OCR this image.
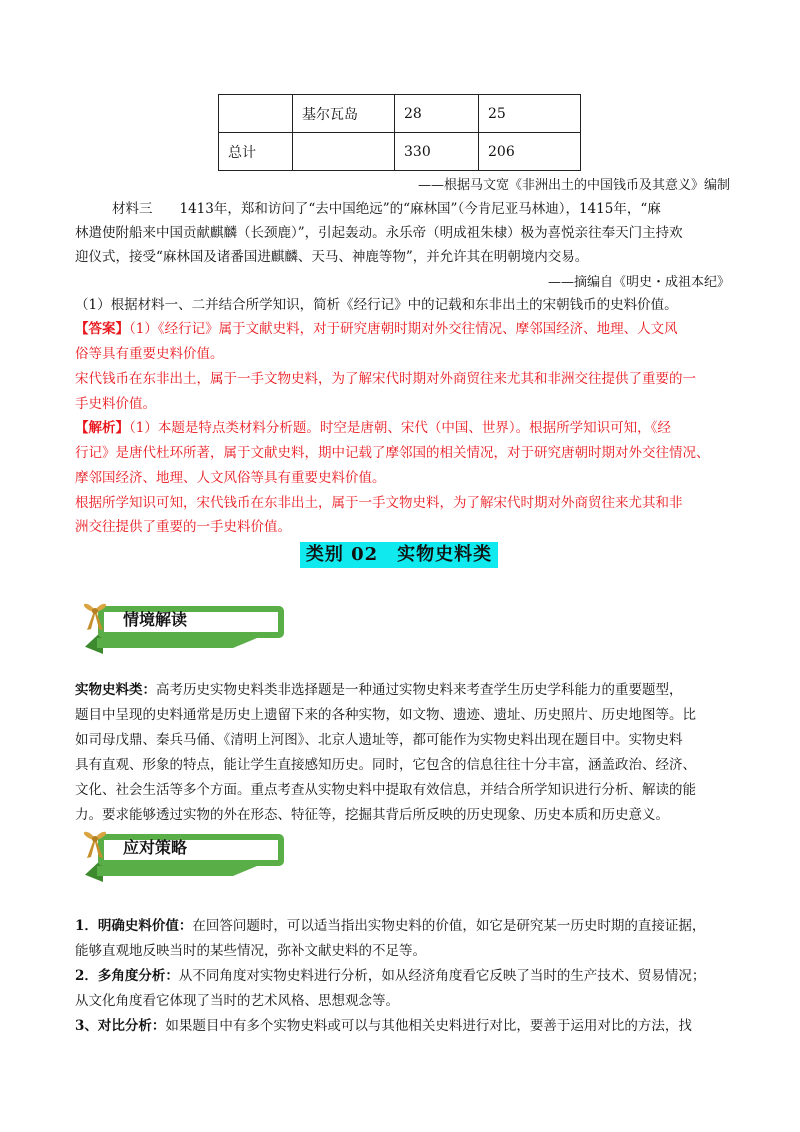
	基尔瓦岛	28	25
总计		330	206
——根据马文宽《非洲出土的中国钱币及其意义》编制
材料三　　1413年，郑和访问了“去中国绝远”的“麻林国”（今肯尼亚马林迪），1415年，“麻
林遣使附船来中国贡献麒麟（长颈鹿）”，引起轰动。永乐帝（明成祖朱棣）极为喜悦亲往奉天门主持欢
迎仪式，接受“麻林国及诸番国进麒麟、天马、神鹿等物”，并允许其在明朝境内交易。
——摘编自《明史・成祖本纪》
（1）根据材料一、二并结合所学知识，简析《经行记》中的记载和东非出土的宋朝钱币的史料价值。
【答案】（1）《经行记》属于文献史料，对于研究唐朝时期对外交往情况、摩邻国经济、地理、人文风
俗等具有重要史料价值。
宋代钱币在东非出土，属于一手文物史料，为了解宋代时期对外商贸往来尤其和非洲交往提供了重要的一
手史料价值。
【解析】（1）本题是特点类材料分析题。时空是唐朝、宋代（中国、世界）。根据所学知识可知，《经
行记》是唐代杜环所著，属于文献史料，期中记载了摩邻国的相关情况，对于研究唐朝时期对外交往情况、
摩邻国经济、地理、人文风俗等具有重要史料价值。
根据所学知识可知，宋代钱币在东非出土，属于一手文物史料，为了解宋代时期对外商贸往来尤其和非
洲交往提供了重要的一手史料价值。
类别 02　实物史料类
情境解读
实物史料类：高考历史实物史料类非选择题是一种通过实物史料来考查学生历史学科能力的重要题型，
题目中呈现的史料通常是历史上遗留下来的各种实物，如文物、遗迹、遗址、历史照片、历史地图等。比
如司母戊鼎、秦兵马俑、《清明上河图》、北京人遗址等，都可能作为实物史料出现在题目中。实物史料
具有直观、形象的特点，能让学生直接感知历史。同时，它包含的信息往往十分丰富，涵盖政治、经济、
文化、社会生活等多个方面。重点考查从实物史料中提取有效信息，并结合所学知识进行分析、解读的能
力。要求能够透过实物的外在形态、特征等，挖掘其背后所反映的历史现象、历史本质和历史意义。
应对策略
1．明确史料价值：在回答问题时，可以适当指出实物史料的价值，如它是研究某一历史时期的直接证据，
能够直观地反映当时的某些情况，弥补文献史料的不足等。
2．多角度分析：从不同角度对实物史料进行分析，如从经济角度看它反映了当时的生产技术、贸易情况；
从文化角度看它体现了当时的艺术风格、思想观念等。
3、对比分析：如果题目中有多个实物史料或可以与其他相关史料进行对比，要善于运用对比的方法，找
